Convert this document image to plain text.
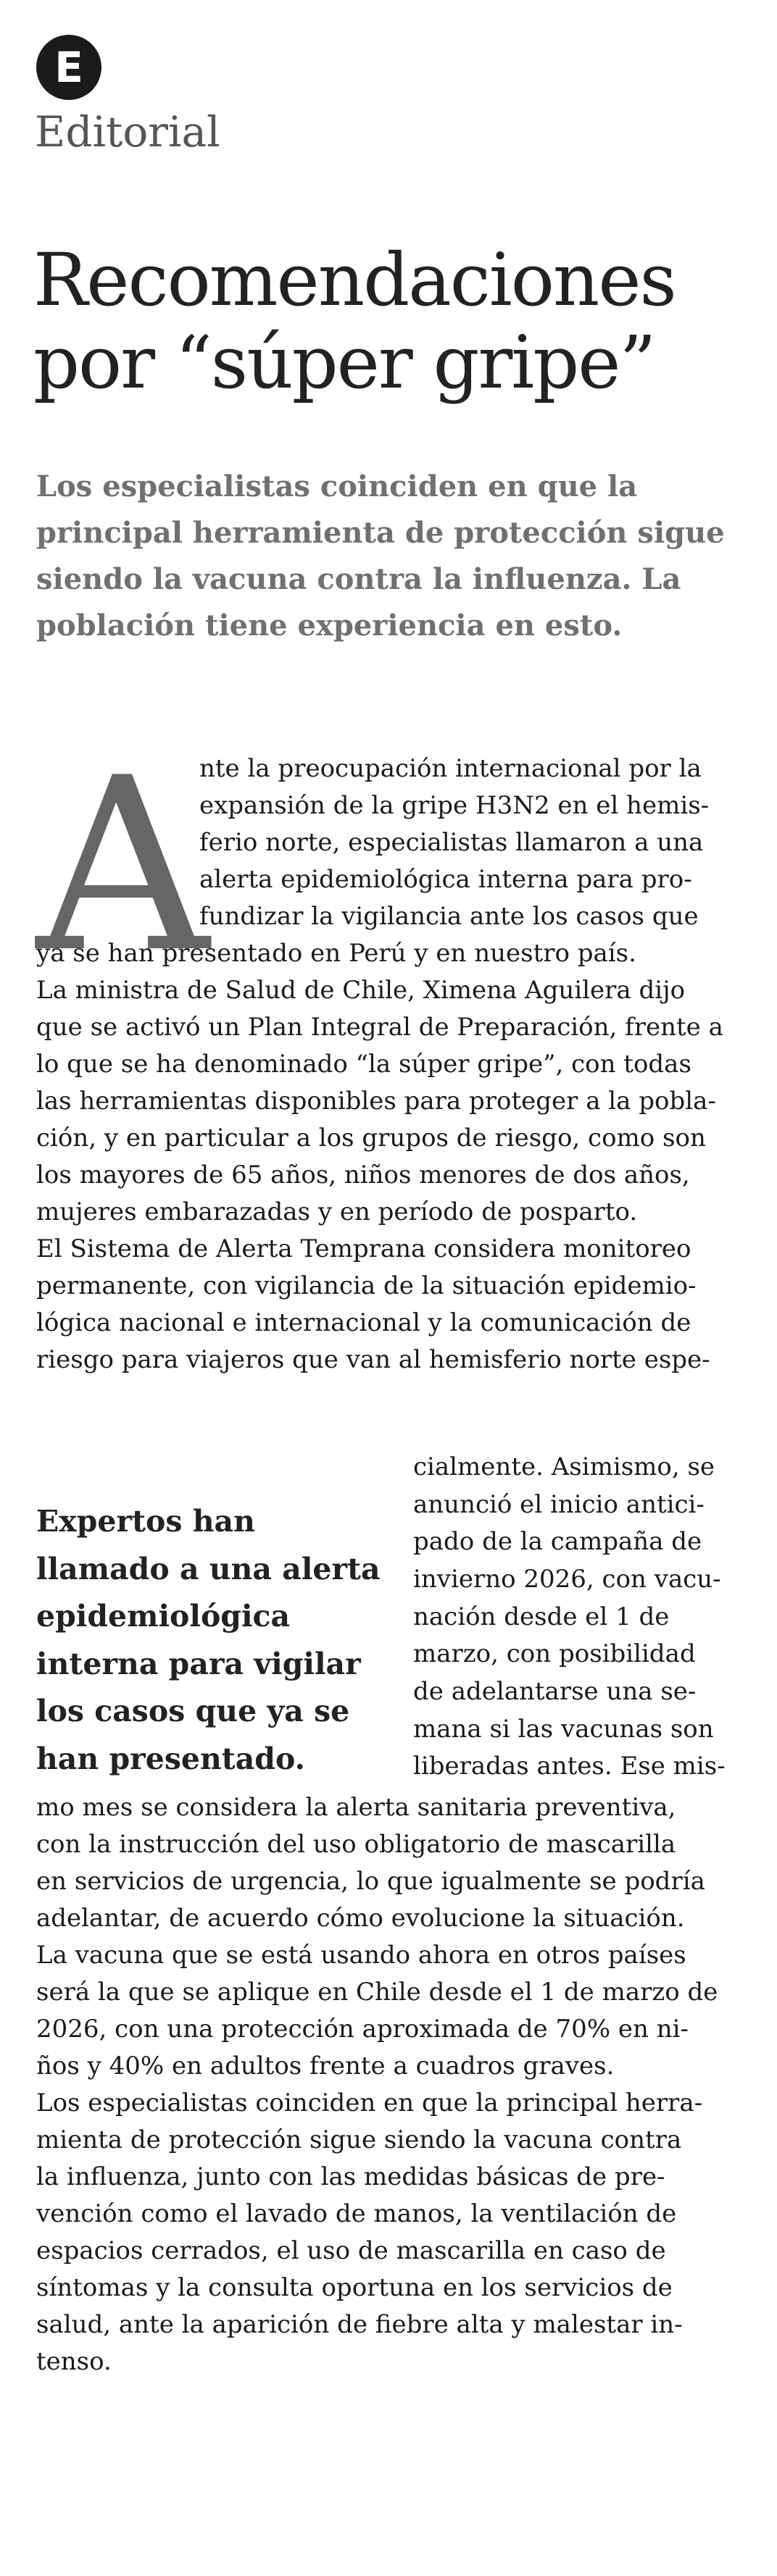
E
Editorial
Recomendaciones
por “súper gripe”

Los especialistas coinciden en que la principal herramienta de protección sigue siendo la vacuna contra la influenza. La población tiene experiencia en esto.

A
nte la preocupación internacional por la
expansión de la gripe H3N2 en el hemis-
ferio norte, especialistas llamaron a una
alerta epidemiológica interna para pro-
fundizar la vigilancia ante los casos que
ya se han presentado en Perú y en nuestro país.
La ministra de Salud de Chile, Ximena Aguilera dijo
que se activó un Plan Integral de Preparación, frente a
lo que se ha denominado “la súper gripe”, con todas
las herramientas disponibles para proteger a la pobla-
ción, y en particular a los grupos de riesgo, como son
los mayores de 65 años, niños menores de dos años,
mujeres embarazadas y en período de posparto.
El Sistema de Alerta Temprana considera monitoreo
permanente, con vigilancia de la situación epidemio-
lógica nacional e internacional y la comunicación de
riesgo para viajeros que van al hemisferio norte espe-
cialmente. Asimismo, se
anunció el inicio antici-
pado de la campaña de
invierno 2026, con vacu-
nación desde el 1 de
marzo, con posibilidad
de adelantarse una se-
mana si las vacunas son
liberadas antes. Ese mis-
Expertos han llamado a una alerta epidemiológica interna para vigilar los casos que ya se han presentado.
mo mes se considera la alerta sanitaria preventiva,
con la instrucción del uso obligatorio de mascarilla
en servicios de urgencia, lo que igualmente se podría
adelantar, de acuerdo cómo evolucione la situación.
La vacuna que se está usando ahora en otros países
será la que se aplique en Chile desde el 1 de marzo de
2026, con una protección aproximada de 70% en ni-
ños y 40% en adultos frente a cuadros graves.
Los especialistas coinciden en que la principal herra-
mienta de protección sigue siendo la vacuna contra
la influenza, junto con las medidas básicas de pre-
vención como el lavado de manos, la ventilación de
espacios cerrados, el uso de mascarilla en caso de
síntomas y la consulta oportuna en los servicios de
salud, ante la aparición de fiebre alta y malestar in-
tenso.
